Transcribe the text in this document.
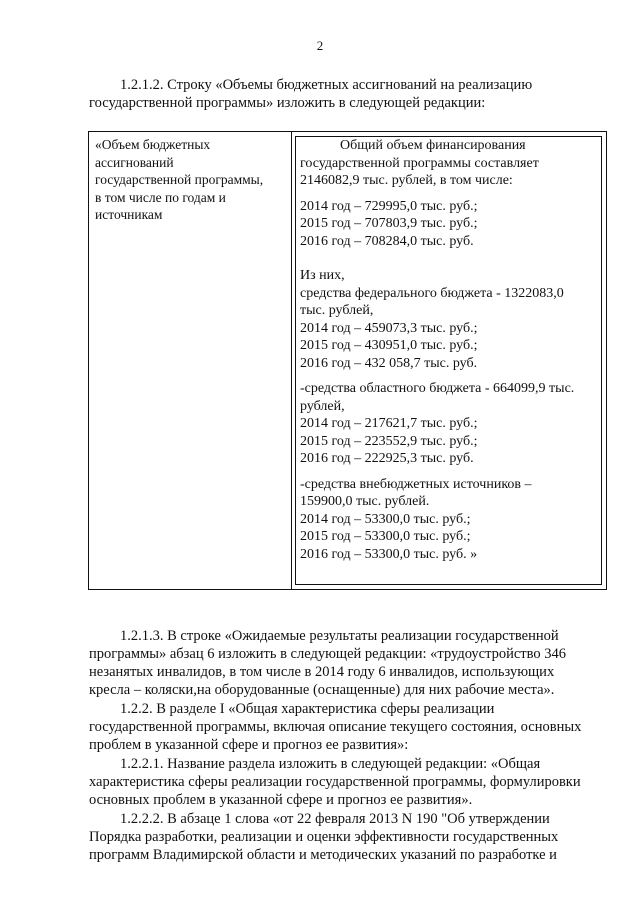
2
1.2.1.2. Строку «Объемы бюджетных ассигнований на реализацию
государственной программы» изложить в следующей редакции:
«Объем бюджетных
ассигнований
государственной программы,
в том числе по годам и
источникам
Общий объем финансирования
государственной программы составляет
2146082,9 тыс. рублей, в том числе:
2014 год – 729995,0 тыс. руб.;
2015 год – 707803,9 тыс. руб.;
2016 год – 708284,0 тыс. руб.
Из них,
средства федерального бюджета - 1322083,0
тыс. рублей,
2014 год – 459073,3 тыс. руб.;
2015 год – 430951,0 тыс. руб.;
2016 год – 432 058,7 тыс. руб.
-средства областного бюджета - 664099,9 тыс.
рублей,
2014 год – 217621,7 тыс. руб.;
2015 год – 223552,9 тыс. руб.;
2016 год – 222925,3 тыс. руб.
-средства внебюджетных источников –
159900,0 тыс. рублей.
2014 год – 53300,0 тыс. руб.;
2015 год – 53300,0 тыс. руб.;
2016 год – 53300,0 тыс. руб. »
1.2.1.3. В строке «Ожидаемые результаты реализации государственной
программы» абзац 6 изложить в следующей редакции: «трудоустройство 346
незанятых инвалидов, в том числе в 2014 году 6 инвалидов, использующих
кресла – коляски,на оборудованные (оснащенные) для них рабочие места».
1.2.2. В разделе I «Общая характеристика сферы реализации
государственной программы, включая описание текущего состояния, основных
проблем в указанной сфере и прогноз ее развития»:
1.2.2.1. Название раздела изложить в следующей редакции: «Общая
характеристика сферы реализации государственной программы, формулировки
основных проблем в указанной сфере и прогноз ее развития».
1.2.2.2. В абзаце 1 слова «от 22 февраля 2013 N 190 "Об утверждении
Порядка разработки, реализации и оценки эффективности государственных
программ Владимирской области и методических указаний по разработке и
